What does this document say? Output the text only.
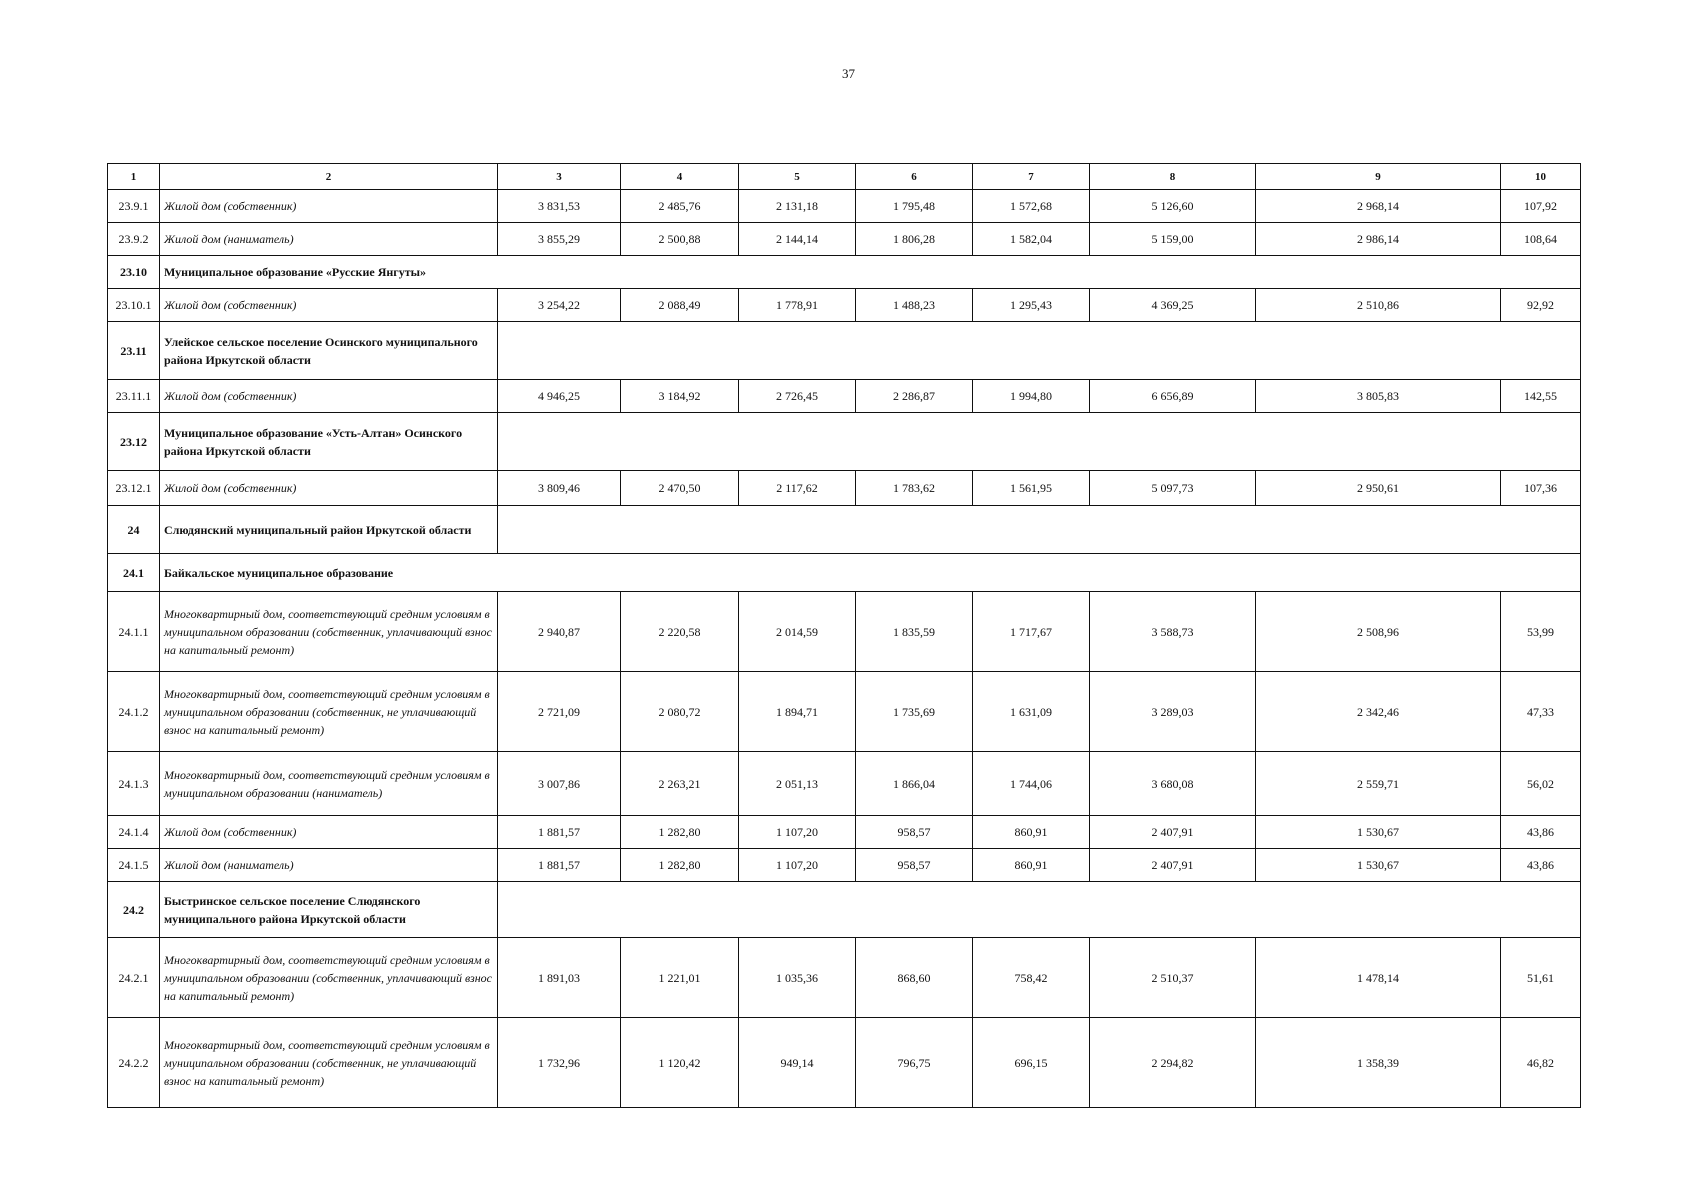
37
1	2	3	4	5	6	7	8	9	10
23.9.1	Жилой дом (собственник)	3 831,53	2 485,76	2 131,18	1 795,48	1 572,68	5 126,60	2 968,14	107,92
23.9.2	Жилой дом (наниматель)	3 855,29	2 500,88	2 144,14	1 806,28	1 582,04	5 159,00	2 986,14	108,64
23.10	Муниципальное образование «Русские Янгуты»								
23.10.1	Жилой дом (собственник)	3 254,22	2 088,49	1 778,91	1 488,23	1 295,43	4 369,25	2 510,86	92,92
23.11	Улейское сельское поселение Осинского муниципального района Иркутской области								
23.11.1	Жилой дом (собственник)	4 946,25	3 184,92	2 726,45	2 286,87	1 994,80	6 656,89	3 805,83	142,55
23.12	Муниципальное образование «Усть-Алтан» Осинского района Иркутской области								
23.12.1	Жилой дом (собственник)	3 809,46	2 470,50	2 117,62	1 783,62	1 561,95	5 097,73	2 950,61	107,36
24	Слюдянский муниципальный район Иркутской области								
24.1	Байкальское муниципальное образование								
24.1.1	Многоквартирный дом, соответствующий средним условиям в муниципальном образовании (собственник, уплачивающий взнос на капитальный ремонт)	2 940,87	2 220,58	2 014,59	1 835,59	1 717,67	3 588,73	2 508,96	53,99
24.1.2	Многоквартирный дом, соответствующий средним условиям в муниципальном образовании (собственник, не уплачивающий взнос на капитальный ремонт)	2 721,09	2 080,72	1 894,71	1 735,69	1 631,09	3 289,03	2 342,46	47,33
24.1.3	Многоквартирный дом, соответствующий средним условиям в муниципальном образовании (наниматель)	3 007,86	2 263,21	2 051,13	1 866,04	1 744,06	3 680,08	2 559,71	56,02
24.1.4	Жилой дом (собственник)	1 881,57	1 282,80	1 107,20	958,57	860,91	2 407,91	1 530,67	43,86
24.1.5	Жилой дом (наниматель)	1 881,57	1 282,80	1 107,20	958,57	860,91	2 407,91	1 530,67	43,86
24.2	Быстринское сельское поселение Слюдянского муниципального района Иркутской области								
24.2.1	Многоквартирный дом, соответствующий средним условиям в муниципальном образовании (собственник, уплачивающий взнос на капитальный ремонт)	1 891,03	1 221,01	1 035,36	868,60	758,42	2 510,37	1 478,14	51,61
24.2.2	Многоквартирный дом, соответствующий средним условиям в муниципальном образовании (собственник, не уплачивающий взнос на капитальный ремонт)	1 732,96	1 120,42	949,14	796,75	696,15	2 294,82	1 358,39	46,82
